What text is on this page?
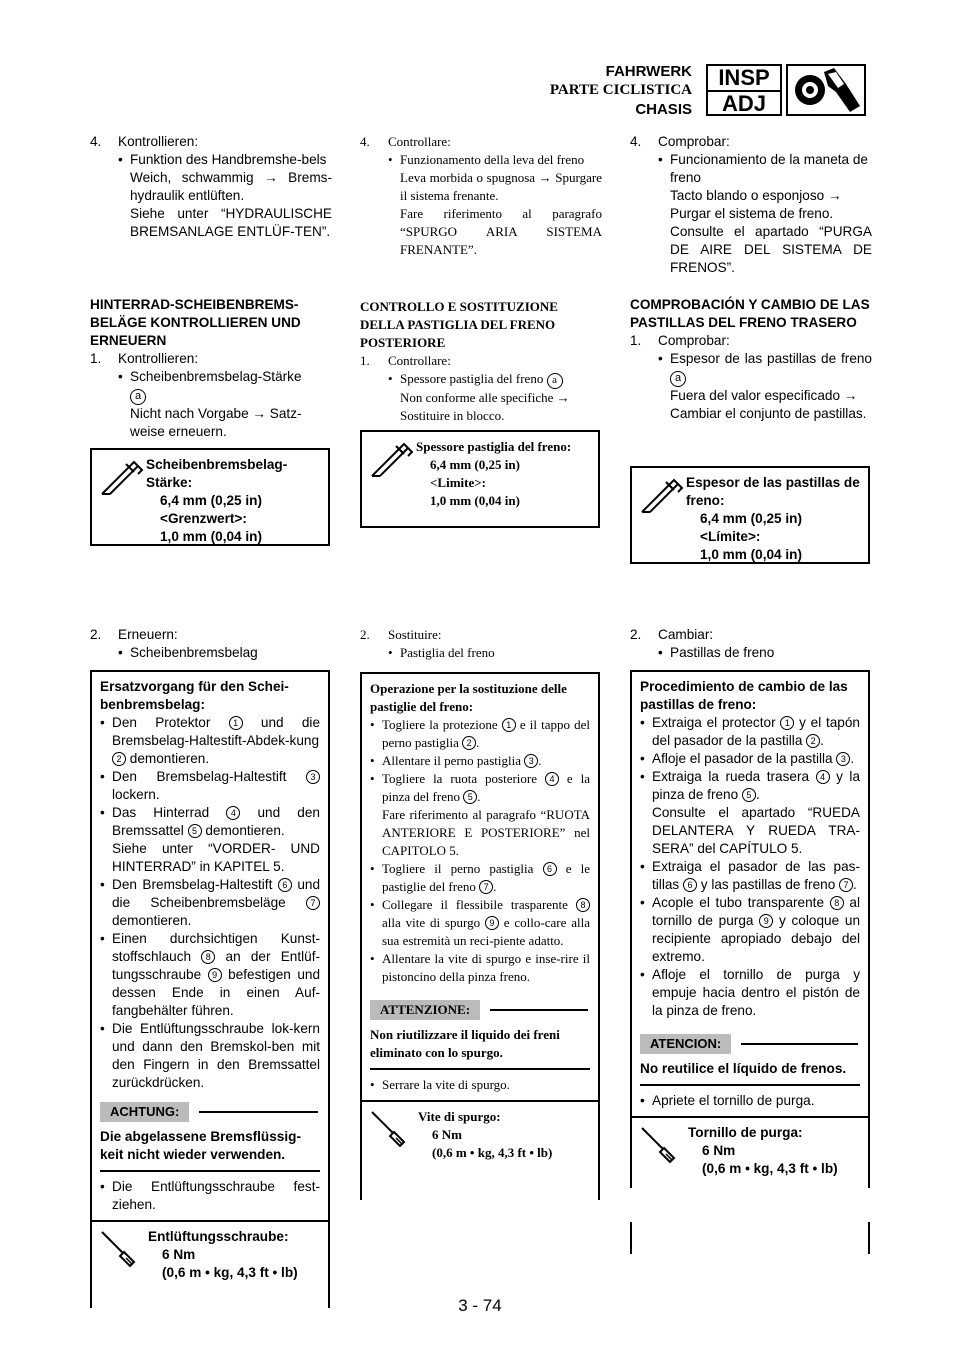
FAHRWERK
PARTE CICLISTICA
CHASIS
INSP
ADJ
4.	Kontrollieren:
• Funktion des Handbremshe-bels
Weich, schwammig → Brems-hydraulik entlüften.
Siehe unter “HYDRAULISCHE BREMSANLAGE ENTLÜF-TEN”.
HINTERRAD-SCHEIBENBREMS-BELÄGE KONTROLLIEREN UND ERNEUERN
1.	Kontrollieren:
• Scheibenbremsbelag-Stärke
a
Nicht nach Vorgabe → Satz-weise erneuern.
Scheibenbremsbelag-Stärke:
6,4 mm (0,25 in)
<Grenzwert>:
1,0 mm (0,04 in)
2.	Erneuern:
• Scheibenbremsbelag
Ersatzvorgang für den Schei-benbremsbelag:
• Den Protektor 1 und die Bremsbelag-Haltestift-Abdek-kung 2 demontieren.
• Den Bremsbelag-Haltestift 3 lockern.
• Das Hinterrad 4 und den Bremssattel 5 demontieren.
Siehe unter “VORDER- UND HINTERRAD” in KAPITEL 5.
• Den Bremsbelag-Haltestift 6 und die Scheibenbremsbeläge 7 demontieren.
• Einen durchsichtigen Kunst-stoffschlauch 8 an der Entlüf-tungsschraube 9 befestigen und dessen Ende in einen Auf-fangbehälter führen.
• Die Entlüftungsschraube lok-kern und dann den Bremskol-ben mit den Fingern in den Bremssattel zurückdrücken.
ACHTUNG:
Die abgelassene Bremsflüssig-keit nicht wieder verwenden.
• Die Entlüftungsschraube fest-ziehen.
Entlüftungsschraube:
6 Nm
(0,6 m • kg, 4,3 ft • lb)
4.	Controllare:
• Funzionamento della leva del freno
Leva morbida o spugnosa → Spurgare il sistema frenante.
Fare riferimento al paragrafo “SPURGO ARIA SISTEMA FRENANTE”.
CONTROLLO E SOSTITUZIONE DELLA PASTIGLIA DEL FRENO POSTERIORE
1.	Controllare:
• Spessore pastiglia del freno a
Non conforme alle specifiche → Sostituire in blocco.
Spessore pastiglia del freno:
6,4 mm (0,25 in)
<Limite>:
1,0 mm (0,04 in)
2.	Sostituire:
• Pastiglia del freno
Operazione per la sostituzione delle pastiglie del freno:
• Togliere la protezione 1 e il tappo del perno pastiglia 2 .
• Allentare il perno pastiglia 3 .
• Togliere la ruota posteriore 4 e la pinza del freno 5 .
Fare riferimento al paragrafo “RUOTA ANTERIORE E POSTERIORE” nel CAPITOLO 5.
• Togliere il perno pastiglia 6 e le pastiglie del freno 7 .
• Collegare il flessibile trasparente 8 alla vite di spurgo 9 e collo-care alla sua estremità un reci-piente adatto.
• Allentare la vite di spurgo e inse-rire il pistoncino della pinza freno.
ATTENZIONE:
Non riutilizzare il liquido dei freni eliminato con lo spurgo.
• Serrare la vite di spurgo.
Vite di spurgo:
6 Nm
(0,6 m • kg, 4,3 ft • lb)
4.	Comprobar:
• Funcionamiento de la maneta de freno
Tacto blando o esponjoso → Purgar el sistema de freno.
Consulte el apartado “PURGA DE AIRE DEL SISTEMA DE FRENOS”.
COMPROBACIÓN Y CAMBIO DE LAS PASTILLAS DEL FRENO TRASERO
1.	Comprobar:
• Espesor de las pastillas de freno a
Fuera del valor especificado → Cambiar el conjunto de pastillas.
Espesor de las pastillas de freno:
6,4 mm (0,25 in)
<Límite>:
1,0 mm (0,04 in)
2.	Cambiar:
• Pastillas de freno
Procedimiento de cambio de las pastillas de freno:
• Extraiga el protector 1 y el tapón del pasador de la pastilla 2 .
• Afloje el pasador de la pastilla 3 .
• Extraiga la rueda trasera 4 y la pinza de freno 5 .
Consulte el apartado “RUEDA DELANTERA Y RUEDA TRA-SERA” del CAPÍTULO 5.
• Extraiga el pasador de las pas-tillas 6 y las pastillas de freno 7 .
• Acople el tubo transparente 8 al tornillo de purga 9 y coloque un recipiente apropiado debajo del extremo.
• Afloje el tornillo de purga y empuje hacia dentro el pistón de la pinza de freno.
ATENCION:
No reutilice el líquido de frenos.
• Apriete el tornillo de purga.
Tornillo de purga:
6 Nm
(0,6 m • kg, 4,3 ft • lb)
3 - 74
